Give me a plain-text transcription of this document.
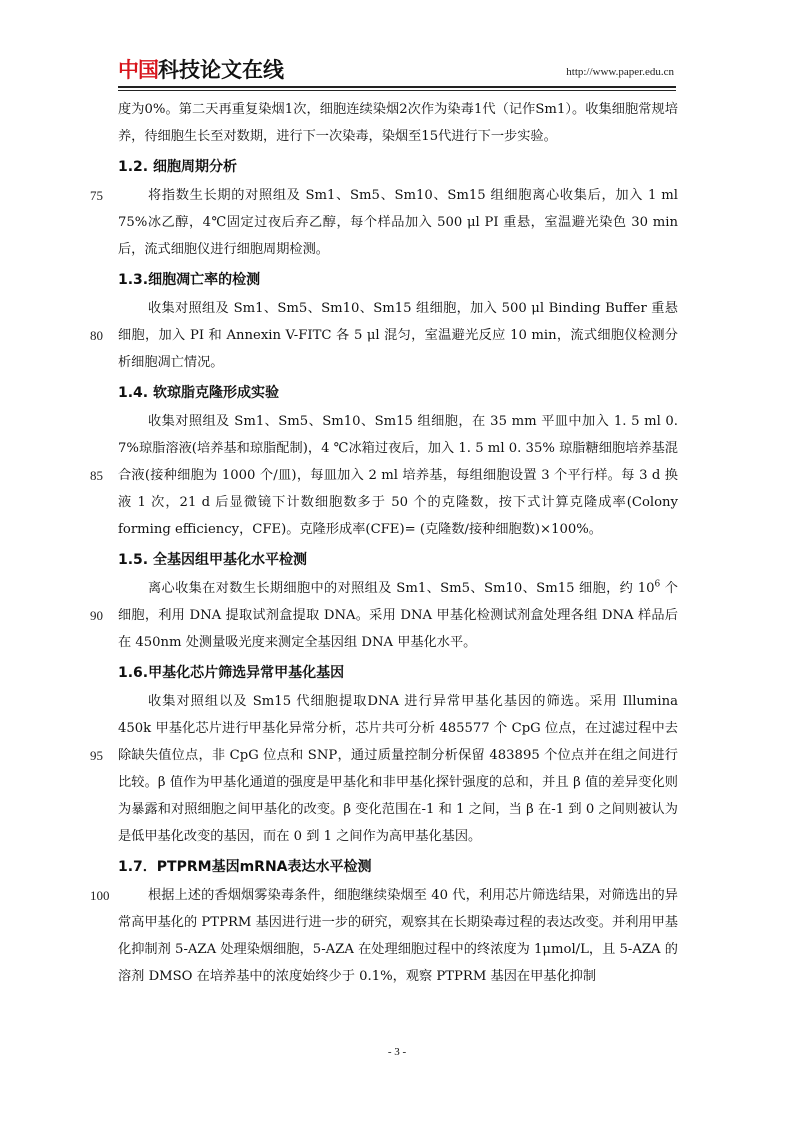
中国 科技论文在线	http://www.paper.edu.cn

度为0%。第二天再重复染烟1次，细胞连续染烟2次作为染毒1代（记作Sm1）。收集细胞常规培养，待细胞生长至对数期，进行下一次染毒，染烟至15代进行下一步实验。

1.2. 细胞周期分析

75	将指数生长期的对照组及 Sm1、Sm5、Sm10、Sm15 组细胞离心收集后，加入 1 ml 75%冰乙醇，4℃固定过夜后弃乙醇，每个样品加入 500 μl PI 重悬，室温避光染色 30 min 后，流式细胞仪进行细胞周期检测。

1.3.细胞凋亡率的检测

80
收集对照组及 Sm1、Sm5、Sm10、Sm15 组细胞，加入 500 μl Binding Buffer 重悬细胞，加入 PI 和 Annexin V-FITC 各 5 μl 混匀，室温避光反应 10 min，流式细胞仪检测分析细胞凋亡情况。

1.4. 软琼脂克隆形成实验

85
收集对照组及 Sm1、Sm5、Sm10、Sm15 组细胞，在 35 mm 平皿中加入 1. 5 ml 0. 7%琼脂溶液(培养基和琼脂配制)，4 ℃冰箱过夜后，加入 1. 5 ml 0. 35% 琼脂糖细胞培养基混合液(接种细胞为 1000 个/皿)，每皿加入 2 ml 培养基，每组细胞设置 3 个平行样。每 3 d 换液 1 次，21 d 后显微镜下计数细胞数多于 50 个的克隆数，按下式计算克隆成率(Colony forming efficiency，CFE)。克隆形成率(CFE)= (克隆数/接种细胞数)×100%。

1.5. 全基因组甲基化水平检测

90
离心收集在对数生长期细胞中的对照组及 Sm1、Sm5、Sm10、Sm15 细胞，约 $10^6$ 个细胞，利用 DNA 提取试剂盒提取 DNA。采用 DNA 甲基化检测试剂盒处理各组 DNA 样品后在 450nm 处测量吸光度来测定全基因组 DNA 甲基化水平。

1.6.甲基化芯片筛选异常甲基化基因

95
收集对照组以及 Sm15 代细胞提取DNA 进行异常甲基化基因的筛选。采用 Illumina 450k 甲基化芯片进行甲基化异常分析，芯片共可分析 485577 个 CpG 位点，在过滤过程中去除缺失值位点，非 CpG 位点和 SNP，通过质量控制分析保留 483895 个位点并在组之间进行比较。β 值作为甲基化通道的强度是甲基化和非甲基化探针强度的总和，并且 β 值的差异变化则为暴露和对照细胞之间甲基化的改变。β 变化范围在-1 和 1 之间，当 β 在-1 到 0 之间则被认为是低甲基化改变的基因，而在 0 到 1 之间作为高甲基化基因。

1.7．PTPRM基因mRNA表达水平检测

100	根据上述的香烟烟雾染毒条件，细胞继续染烟至 40 代，利用芯片筛选结果，对筛选出的异常高甲基化的 PTPRM 基因进行进一步的研究，观察其在长期染毒过程的表达改变。并利用甲基化抑制剂 5-AZA 处理染烟细胞，5-AZA 在处理细胞过程中的终浓度为 1μmol/L，且 5-AZA 的溶剂 DMSO 在培养基中的浓度始终少于 0.1%，观察 PTPRM 基因在甲基化抑制

- 3 -
